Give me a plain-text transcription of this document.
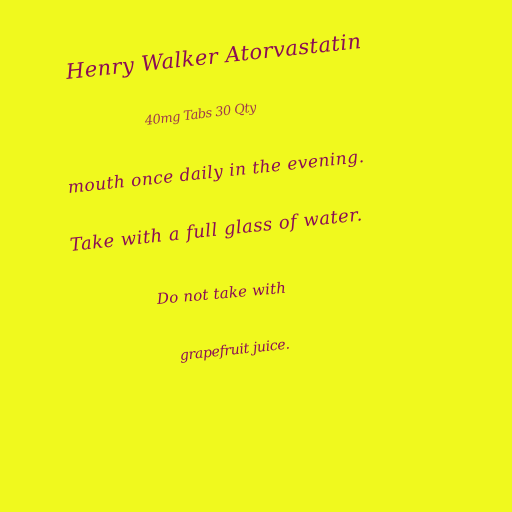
Henry Walker Atorvastatin
40mg Tabs 30 Qty
mouth once daily in the evening.
Take with a full glass of water.
Do not take with
grapefruit juice.
